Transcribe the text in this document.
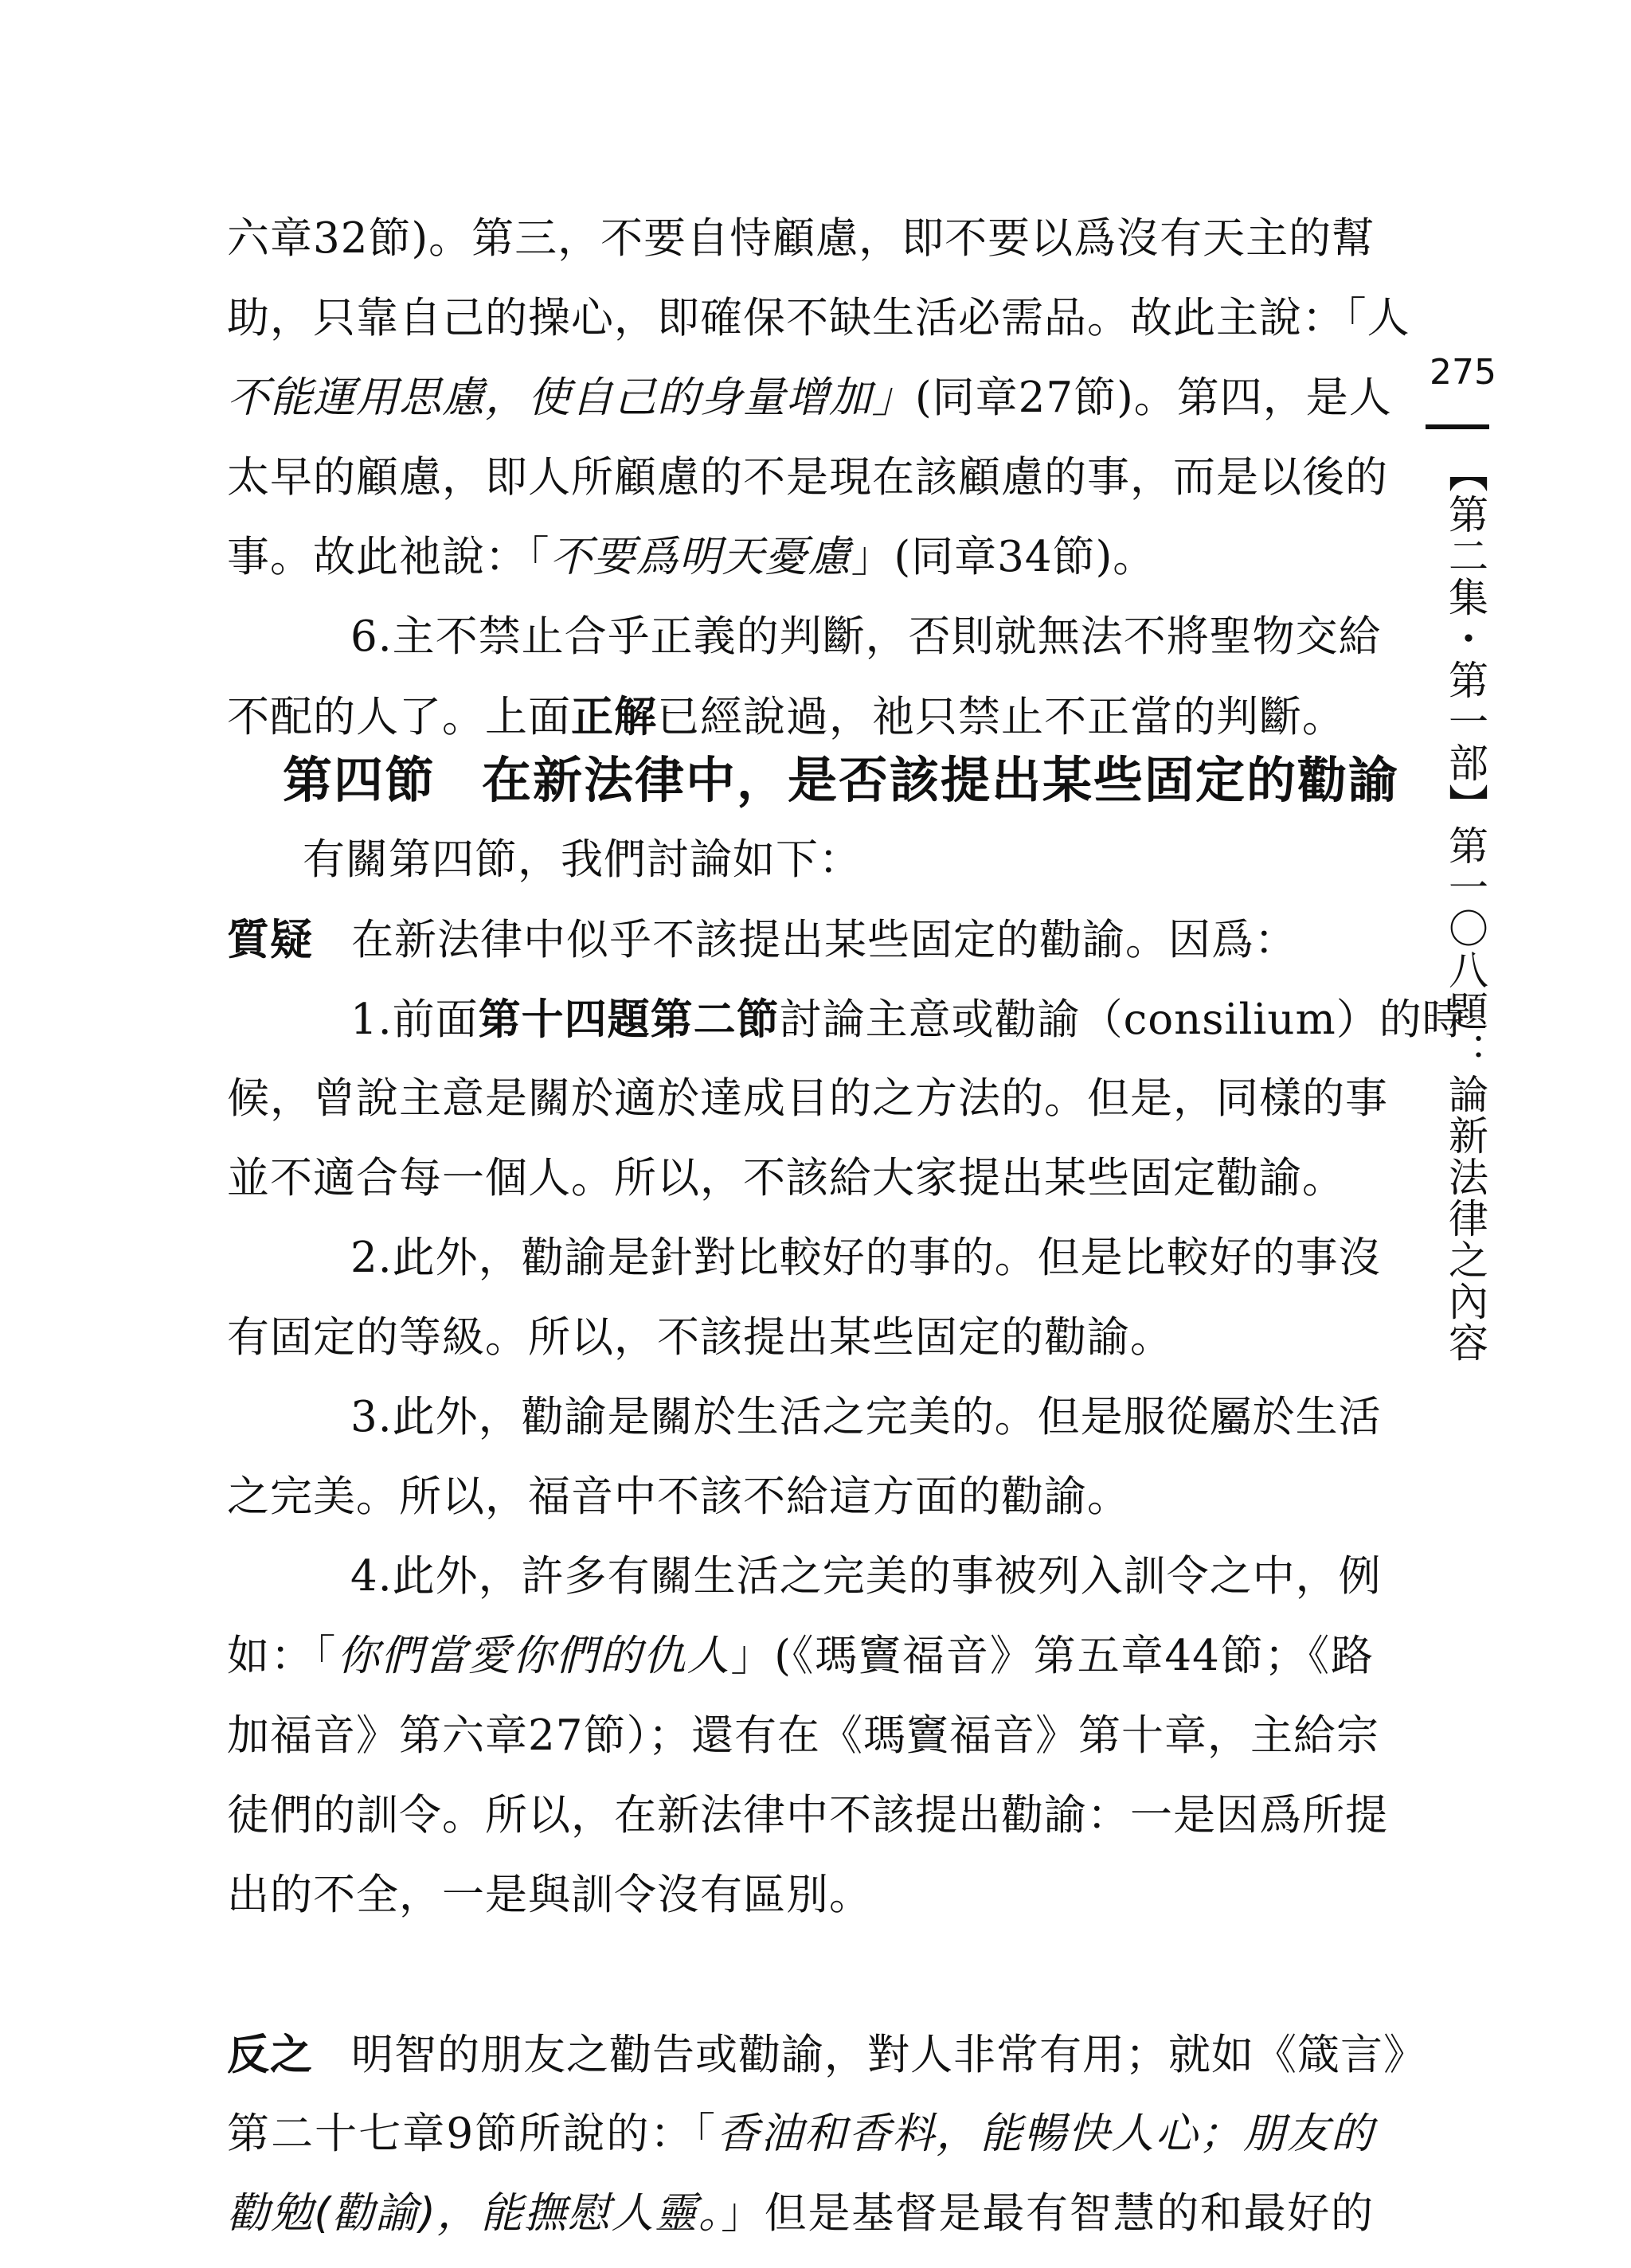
六章32節)。第三，不要自恃顧慮，即不要以爲沒有天主的幫
助，只靠自己的操心，即確保不缺生活必需品。故此主說：「人
不能運用思慮，使自己的身量增加」(同章27節)。第四，是人
太早的顧慮，即人所顧慮的不是現在該顧慮的事，而是以後的
事。故此祂說：「不要爲明天憂慮」(同章34節)。
6.主不禁止合乎正義的判斷，否則就無法不將聖物交給
不配的人了。上面正解已經說過，祂只禁止不正當的判斷。
第四節 在新法律中，是否該提出某些固定的勸諭
有關第四節，我們討論如下：
質疑 在新法律中似乎不該提出某些固定的勸諭。因爲：
1.前面第十四題第二節討論主意或勸諭（consilium）的時
候，曾說主意是關於適於達成目的之方法的。但是，同樣的事
並不適合每一個人。所以，不該給大家提出某些固定勸諭。
2.此外，勸諭是針對比較好的事的。但是比較好的事沒
有固定的等級。所以，不該提出某些固定的勸諭。
3.此外，勸諭是關於生活之完美的。但是服從屬於生活
之完美。所以，福音中不該不給這方面的勸諭。
4.此外，許多有關生活之完美的事被列入訓令之中，例
如：「你們當愛你們的仇人」(《瑪竇福音》第五章44節；《路
加福音》第六章27節）；還有在《瑪竇福音》第十章，主給宗
徒們的訓令。所以，在新法律中不該提出勸諭：一是因爲所提
出的不全，一是與訓令沒有區別。
反之 明智的朋友之勸告或勸諭，對人非常有用；就如《箴言》
第二十七章9節所說的：「香油和香料，能暢快人心；朋友的
勸勉(勸諭)，能撫慰人靈。」但是基督是最有智慧的和最好的
275
【第二集・第一部】第一〇八題：論新法律之內容
